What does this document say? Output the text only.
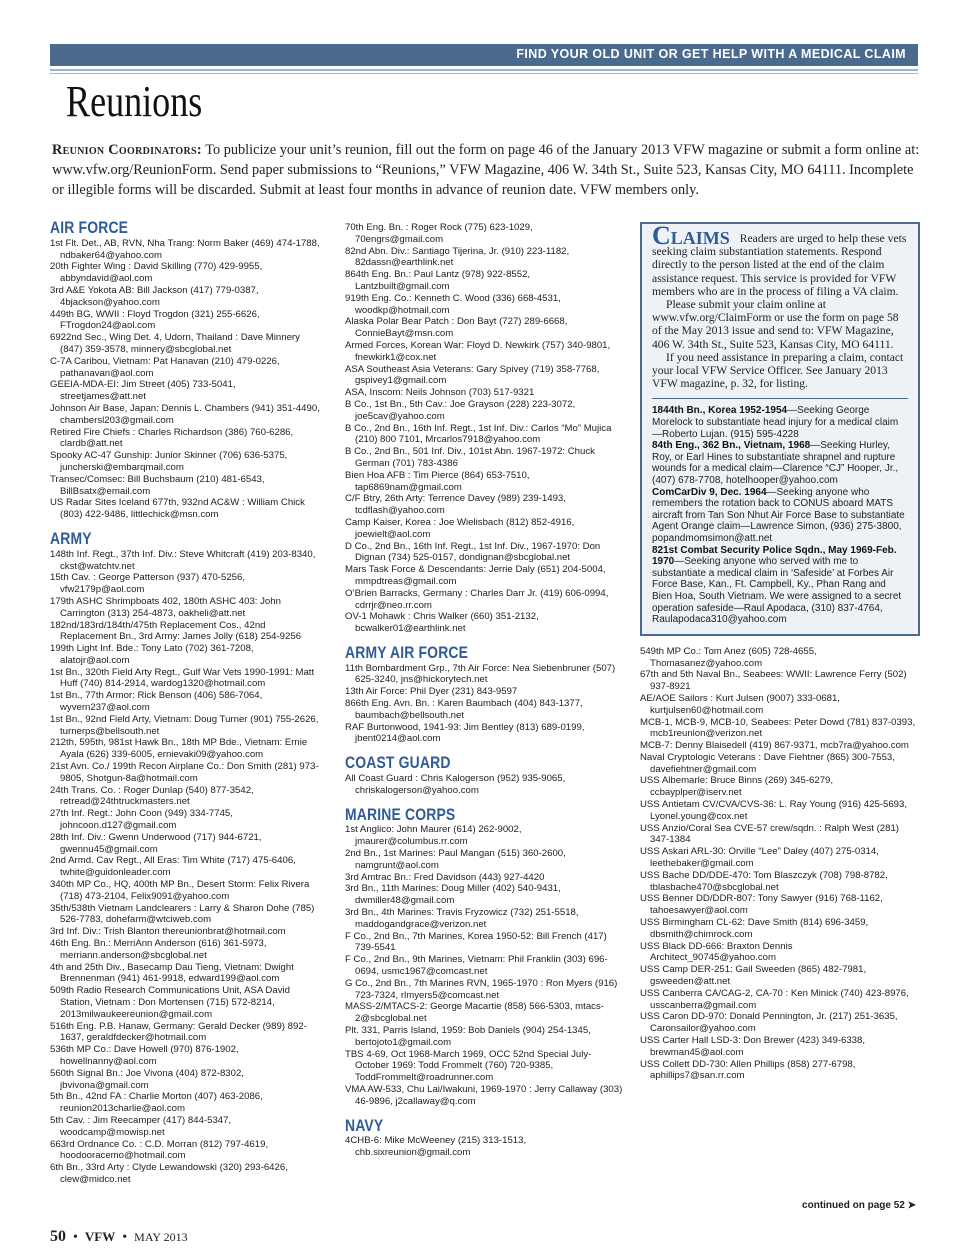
FIND YOUR OLD UNIT OR GET HELP WITH A MEDICAL CLAIM
Reunions
Reunion Coordinators: To publicize your unit’s reunion, fill out the form on page 46 of the January 2013 VFW magazine or submit a form online at: www.vfw.org/ReunionForm. Send paper submissions to “Reunions,” VFW Magazine, 406 W. 34th St., Suite 523, Kansas City, MO 64111. Incomplete or illegible forms will be discarded. Submit at least four months in advance of reunion date. VFW members only.
AIR FORCE

1st Flt. Det., AB, RVN, Nha Trang: Norm Baker (469) 474-1788, ndbaker64@yahoo.com

20th Fighter Wing : David Skilling (770) 429-9955, abbyndavid@aol.com

3rd A&E Yokota AB: Bill Jackson (417) 779-0387, 4bjackson@yahoo.com

449th BG, WWII : Floyd Trogdon (321) 255-6626, FTrogdon24@aol.com

6922nd Sec., Wing Det. 4, Udorn, Thailand : Dave Minnery (847) 359-3578, minnery@sbcglobal.net

C-7A Caribou, Vietnam: Pat Hanavan (210) 479-0226, pathanavan@aol.com

GEEIA-MDA-EI: Jim Street (405) 733-5041, streetjames@att.net

Johnson Air Base, Japan: Dennis L. Chambers (941) 351-4490, chambersl203@gmail.com

Retired Fire Chiefs : Charles Richardson (386) 760-6286, clardb@att.net

Spooky AC-47 Gunship: Junior Skinner (706) 636-5375, juncherski@embarqmail.com

Transec/Comsec: Bill Buchsbaum (210) 481-6543, BillBsatx@email.com

US Radar Sites Iceland 677th, 932nd AC&W : William Chick (803) 422-9486, littlechick@msn.com

ARMY

148th Inf. Regt., 37th Inf. Div.: Steve Whitcraft (419) 203-8340, ckst@watchtv.net

15th Cav. : George Patterson (937) 470-5256, vfw2179p@aol.com

179th ASHC Shrimpboats 402, 180th ASHC 403: John Carrington (313) 254-4873, oakheli@att.net

182nd/183rd/184th/475th Replacement Cos., 42nd Replacement Bn., 3rd Army: James Jolly (618) 254-9256

199th Light Inf. Bde.: Tony Lato (702) 361-7208, alatojr@aol.com

1st Bn., 320th Field Arty Regt., Gulf War Vets 1990-1991: Matt Huff (740) 814-2914, wardog1320@hotmail.com

1st Bn., 77th Armor: Rick Benson (406) 586-7064, wyvern237@aol.com

1st Bn., 92nd Field Arty, Vietnam: Doug Turner (901) 755-2626, turnerps@bellsouth.net

212th, 595th, 981st Hawk Bn., 18th MP Bde., Vietnam: Ernie Ayala (626) 339-6005, ernievaki09@yahoo.com

21st Avn. Co./ 199th Recon Airplane Co.: Don Smith (281) 973-9805, Shotgun-8a@hotmail.com

24th Trans. Co. : Roger Dunlap (540) 877-3542, retread@24thtruckmasters.net

27th Inf. Regt.: John Coon (949) 334-7745, johncoon.d127@gmail.com

28th Inf. Div.: Gwenn Underwood (717) 944-6721, gwennu45@gmail.com

2nd Armd. Cav Regt., All Eras: Tim White (717) 475-6406, twhite@guidonleader.com

340th MP Co., HQ, 400th MP Bn., Desert Storm: Felix Rivera (718) 473-2104, Felix9091@yahoo.com

35th/538th Vietnam Landclearers : Larry & Sharon Dohe (785) 526-7783, dohefarm@wtciweb.com

3rd Inf. Div.: Trish Blanton thereunionbrat@hotmail.com

46th Eng. Bn.: MerriAnn Anderson (616) 361-5973, merriann.anderson@sbcglobal.net

4th and 25th Div., Basecamp Dau Tieng, Vietnam: Dwight Brennenman (941) 461-9918, edward199@aol.com

509th Radio Research Communications Unit, ASA David Station, Vietnam : Don Mortensen (715) 572-8214, 2013milwaukeereunion@gmail.com

516th Eng. P.B. Hanaw, Germany: Gerald Decker (989) 892-1637, geraldfdecker@hotmail.com

536th MP Co.: Dave Howell (970) 876-1902, howellnanny@aol.com

560th Signal Bn.: Joe Vivona (404) 872-8302, jbvivona@gmail.com

5th Bn., 42nd FA : Charlie Morton (407) 463-2086, reunion2013charlie@aol.com

5th Cav. : Jim Reecamper (417) 844-5347, woodcamp@mowisp.net

663rd Ordnance Co. : C.D. Morran (812) 797-4619, hoodooracemo@hotmail.com

6th Bn., 33rd Arty : Clyde Lewandowski (320) 293-6426, clew@midco.net

70th Eng. Bn. : Roger Rock (775) 623-1029, 70engrs@gmail.com

82nd Abn. Div.: Santiago Tijerina, Jr. (910) 223-1182, 82dassn@earthlink.net

864th Eng. Bn.: Paul Lantz (978) 922-8552, Lantzbuilt@gmail.com

919th Eng. Co.: Kenneth C. Wood (336) 668-4531, woodkp@hotmail.com

Alaska Polar Bear Patch : Don Bayt (727) 289-6668, ConnieBayt@msn.com

Armed Forces, Korean War: Floyd D. Newkirk (757) 340-9801, fnewkirk1@cox.net

ASA Southeast Asia Veterans: Gary Spivey (719) 358-7768, gspivey1@gmail.com

ASA, Inscom: Neils Johnson (703) 517-9321

B Co., 1st Bn., 5th Cav.: Joe Grayson (228) 223-3072, joe5cav@yahoo.com

B Co., 2nd Bn., 16th Inf. Regt., 1st Inf. Div.: Carlos “Mo” Mujica (210) 800 7101, Mrcarlos7918@yahoo.com

B Co., 2nd Bn., 501 Inf. Div., 101st Abn. 1967-1972: Chuck German (701) 783-4386

Bien Hoa AFB : Tim Pierce (864) 653-7510, tap6869nam@gmail.com

C/F Btry, 26th Arty: Terrence Davey (989) 239-1493, tcdflash@yahoo.com

Camp Kaiser, Korea : Joe Wielisbach (812) 852-4916, joewielt@aol.com

D Co., 2nd Bn., 16th Inf. Regt., 1st Inf. Div., 1967-1970: Don Dignan (734) 525-0157, dondignan@sbcglobal.net

Mars Task Force & Descendants: Jerrie Daly (651) 204-5004, mmpdtreas@gmail.com

O’Brien Barracks, Germany : Charles Darr Jr. (419) 606-0994, cdrrjr@neo.rr.com

OV-1 Mohawk : Chris Walker (660) 351-2132, bcwalker01@earthlink.net

ARMY AIR FORCE

11th Bombardment Grp., 7th Air Force: Nea Siebenbruner (507) 625-3240, jns@hickorytech.net

13th Air Force: Phil Dyer (231) 843-9597

866th Eng. Avn. Bn. : Karen Baumbach (404) 843-1377, baumbach@bellsouth.net

RAF Burtonwood, 1941-93: Jim Bentley (813) 689-0199, jbent0214@aol.com

COAST GUARD

All Coast Guard : Chris Kalogerson (952) 935-9065, chriskalogerson@yahoo.com

MARINE CORPS

1st Anglico: John Maurer (614) 262-9002, jmaurer@columbus.rr.com

2nd Bn., 1st Marines: Paul Mangan (515) 360-2600, namgrunt@aol.com

3rd Amtrac Bn.: Fred Davidson (443) 927-4420

3rd Bn., 11th Marines: Doug Miller (402) 540-9431, dwmiller48@gmail.com

3rd Bn., 4th Marines: Travis Fryzowicz (732) 251-5518, maddogandgrace@verizon.net

F Co., 2nd Bn., 7th Marines, Korea 1950-52: Bill French (417) 739-5541

F Co., 2nd Bn., 9th Marines, Vietnam: Phil Franklin (303) 696-0694, usmc1967@comcast.net

G Co., 2nd Bn., 7th Marines RVN, 1965-1970 : Ron Myers (916) 723-7324, rlmyers5@comcast.net

MASS-2/MTACS-2: George Macartie (858) 566-5303, mtacs-2@sbcglobal.net

Plt. 331, Parris Island, 1959: Bob Daniels (904) 254-1345, bertojoto1@gmail.com

TBS 4-69, Oct 1968-March 1969, OCC 52nd Special July-October 1969: Todd Frommelt (760) 720-9385, ToddFrommelt@roadrunner.com

VMA AW-533, Chu Lai/Iwakuni, 1969-1970 : Jerry Callaway (303) 46-9896, j2callaway@q.com

NAVY

4CHB-6: Mike McWeeney (215) 313-1513, chb.sixreunion@gmail.com

Claims Readers are urged to help these vets seeking claim substantiation statements. Respond directly to the person listed at the end of the claim assistance request. This service is provided for VFW members who are in the process of filing a VA claim.

Please submit your claim online at www.vfw.org/ClaimForm or use the form on page 58 of the May 2013 issue and send to: VFW Magazine, 406 W. 34th St., Suite 523, Kansas City, MO 64111.

If you need assistance in preparing a claim, contact your local VFW Service Officer. See January 2013 VFW magazine, p. 32, for listing.

1844th Bn., Korea 1952-1954—Seeking George Morelock to substantiate head injury for a medical claim—Roberto Lujan. (915) 595-4228

84th Eng., 362 Bn., Vietnam, 1968—Seeking Hurley, Roy, or Earl Hines to substantiate shrapnel and rupture wounds for a medical claim—Clarence “CJ” Hooper, Jr., (407) 678-7708, hotelhooper@yahoo.com

ComCarDiv 9, Dec. 1964—Seeking anyone who remembers the rotation back to CONUS aboard MATS aircraft from Tan Son Nhut Air Force Base to substantiate Agent Orange claim—Lawrence Simon, (936) 275-3800, popandmomsimon@att.net

821st Combat Security Police Sqdn., May 1969-Feb. 1970—Seeking anyone who served with me to substantiate a medical claim in ‘Safeside’ at Forbes Air Force Base, Kan., Ft. Campbell, Ky., Phan Rang and Bien Hoa, South Vietnam. We were assigned to a secret operation safeside—Raul Apodaca, (310) 837-4764, Raulapodaca310@yahoo.com

549th MP Co.: Tom Anez (605) 728-4655, Thomasanez@yahoo.com

67th and 5th Naval Bn., Seabees: WWII: Lawrence Ferry (502) 937-8921

AE/AOE Sailors : Kurt Julsen (9007) 333-0681, kurtjulsen60@hotmail.com

MCB-1, MCB-9, MCB-10, Seabees: Peter Dowd (781) 837-0393, mcb1reunion@verizon.net

MCB-7: Denny Blaisedell (419) 867-9371, mcb7ra@yahoo.com

Naval Cryptologic Veterans : Dave Fiehtner (865) 300-7553, davefiehtner@gmail.com

USS Albemarle: Bruce Binns (269) 345-6279, ccbayplper@iserv.net

USS Antietam CV/CVA/CVS-36: L. Ray Young (916) 425-5693, Lyonel.young@cox.net

USS Anzio/Coral Sea CVE-57 crew/sqdn. : Ralph West (281) 347-1384

USS Askari ARL-30: Orville “Lee” Daley (407) 275-0314, leethebaker@gmail.com

USS Bache DD/DDE-470: Tom Blaszczyk (708) 798-8782, tblasbache470@sbcglobal.net

USS Benner DD/DDR-807: Tony Sawyer (916) 768-1162, tahoesawyer@aol.com

USS Birmingham CL-62: Dave Smith (814) 696-3459, dbsmith@chimrock.com

USS Black DD-666: Braxton Dennis Architect_90745@yahoo.com

USS Camp DER-251: Gail Sweeden (865) 482-7981, gsweeden@att.net

USS Canberra CA/CAG-2, CA-70 : Ken Minick (740) 423-8976, usscanberra@gmail.com

USS Caron DD-970: Donald Pennington, Jr. (217) 251-3635, Caronsailor@yahoo.com

USS Carter Hall LSD-3: Don Brewer (423) 349-6338, brewman45@aol.com

USS Collett DD-730: Allen Phillips (858) 277-6798, aphillips7@san.rr.com

continued on page 52 ➤
50  •  VFW  •  MAY 2013
